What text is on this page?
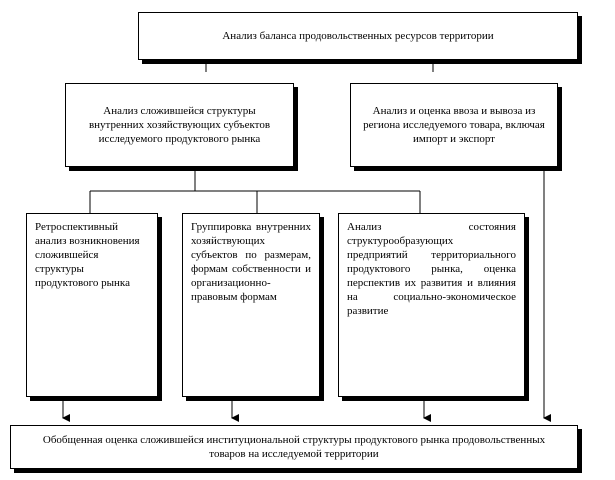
Анализ баланса продовольственных ресурсов территории
Анализ сложившейся структуры внутренних хозяйствующих субъектов исследуемого продуктового рынка
Анализ и оценка ввоза и вывоза из региона исследуемого товара, включая импорт и экспорт
Ретроспективный анализ возникновения сложившейся структуры продуктового рынка
Группировка внутренних хозяйствующих субъектов по размерам, формам собственности и организационно-правовым формам
Анализ состояния структурообразующих предприятий территориального продуктового рынка, оценка перспектив их развития и влияния на социально-экономическое развитие
Обобщенная оценка сложившейся институциональной структуры продуктового рынка продовольственных товаров на исследуемой территории
